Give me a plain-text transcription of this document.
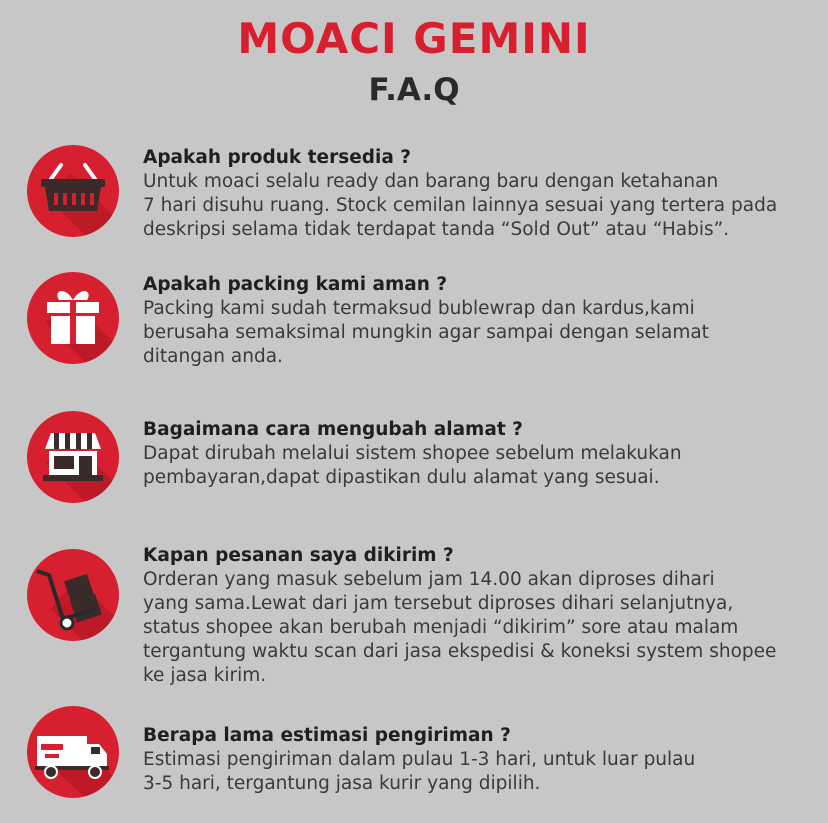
MOACI GEMINI
F.A.Q
Apakah produk tersedia ?
Untuk moaci selalu ready dan barang baru dengan ketahanan
7 hari disuhu ruang. Stock cemilan lainnya sesuai yang tertera pada
deskripsi selama tidak terdapat tanda “Sold Out” atau “Habis”.
Apakah packing kami aman ?
Packing kami sudah termaksud bublewrap dan kardus,kami
berusaha semaksimal mungkin agar sampai dengan selamat
ditangan anda.
Bagaimana cara mengubah alamat ?
Dapat dirubah melalui sistem shopee sebelum melakukan
pembayaran,dapat dipastikan dulu alamat yang sesuai.
Kapan pesanan saya dikirim ?
Orderan yang masuk sebelum jam 14.00 akan diproses dihari
yang sama.Lewat dari jam tersebut diproses dihari selanjutnya,
status shopee akan berubah menjadi “dikirim” sore atau malam
tergantung waktu scan dari jasa ekspedisi & koneksi system shopee
ke jasa kirim.
Berapa lama estimasi pengiriman ?
Estimasi pengiriman dalam pulau 1-3 hari, untuk luar pulau
3-5 hari, tergantung jasa kurir yang dipilih.
